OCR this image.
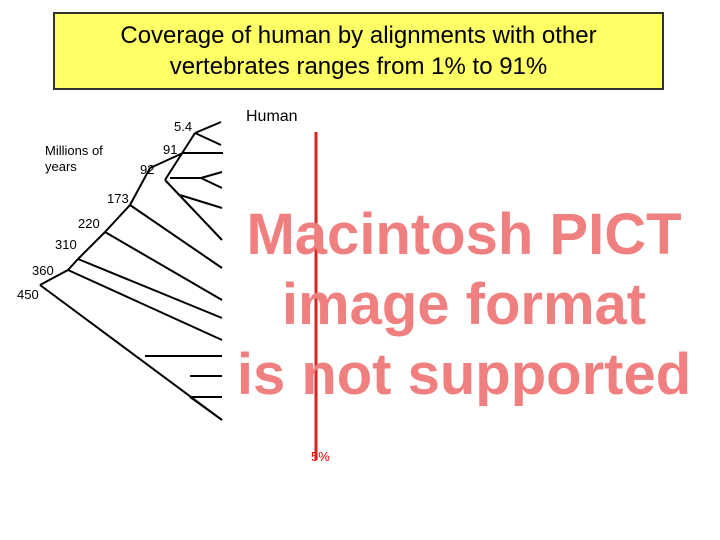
Coverage of human by alignments with other
vertebrates ranges from 1% to 91%
Macintosh PICT
image format
is not supported
Human
Millions of
years
5.4
91
92
173
220
310
360
450
5%
